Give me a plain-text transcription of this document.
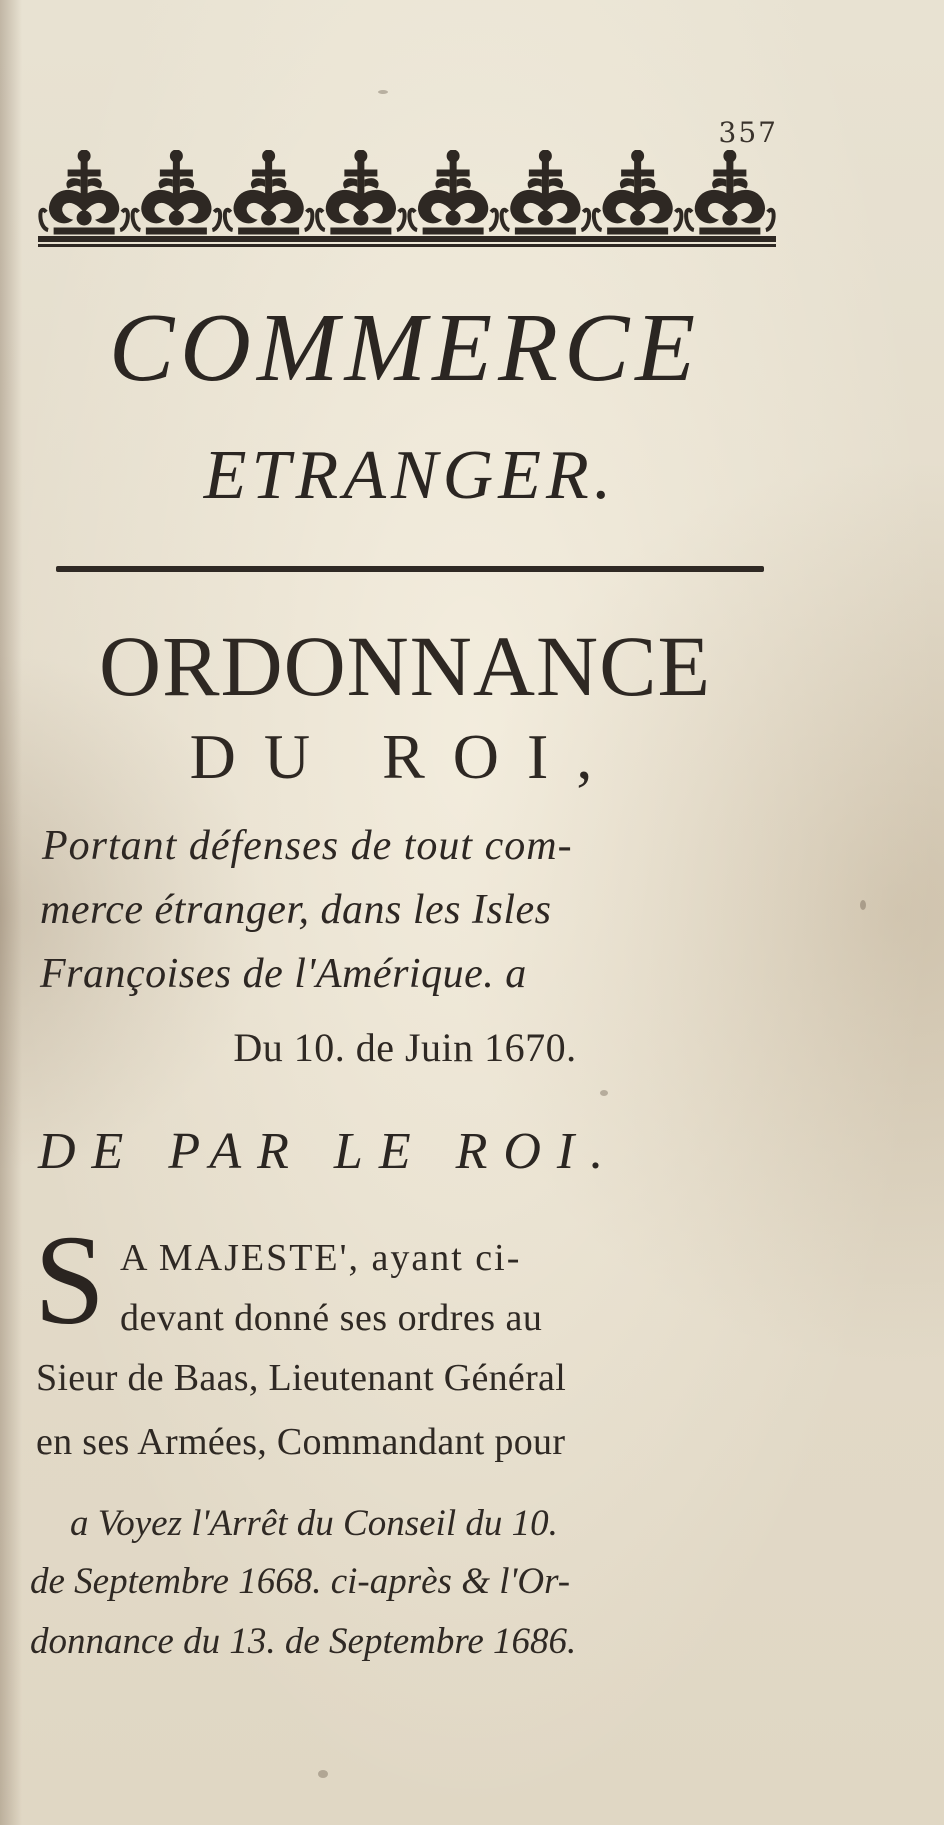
357
COMMERCE
ETRANGER.
ORDONNANCE
DU ROI,
Portant défenses de tout com-
merce étranger, dans les Isles
Françoises de l'Amérique. a
Du 10. de Juin 1670.
DE PAR LE ROI.
S A MAJESTE', ayant ci-
devant donné ses ordres au
Sieur de Baas, Lieutenant Général
en ses Armées, Commandant pour
a Voyez l'Arrêt du Conseil du 10.
de Septembre 1668. ci-après & l'Or-
donnance du 13. de Septembre 1686.
